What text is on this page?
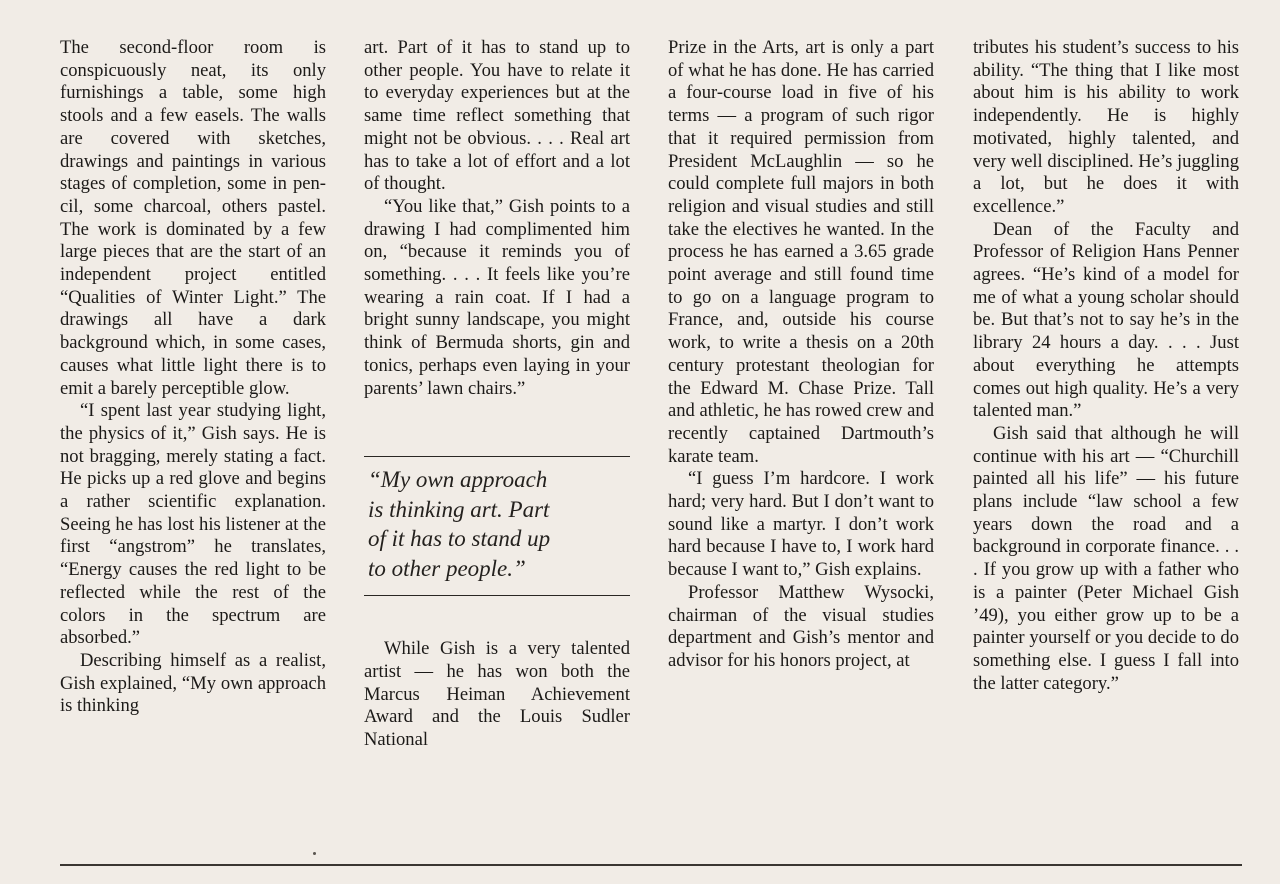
The second-floor room is conspicuously neat, its only furnishings a table, some high stools and a few easels. The walls are covered with sketches, drawings and paintings in various stages of completion, some in pencil, some charcoal, others pastel. The work is dominated by a few large pieces that are the start of an independent project entitled “Qualities of Winter Light.” The drawings all have a dark background which, in some cases, causes what little light there is to emit a barely perceptible glow.

“I spent last year studying light, the physics of it,” Gish says. He is not bragging, merely stating a fact. He picks up a red glove and begins a rather scientific explanation. Seeing he has lost his listener at the first “angstrom” he translates, “Energy causes the red light to be reflected while the rest of the colors in the spectrum are absorbed.”

Describing himself as a realist, Gish explained, “My own approach is thinking

art. Part of it has to stand up to other people. You have to relate it to everyday experiences but at the same time reflect something that might not be obvious. . . . Real art has to take a lot of effort and a lot of thought.

“You like that,” Gish points to a drawing I had complimented him on, “because it reminds you of something. . . . It feels like you’re wearing a rain coat. If I had a bright sunny landscape, you might think of Bermuda shorts, gin and tonics, perhaps even laying in your parents’ lawn chairs.”

“My own approach
is thinking art. Part
of it has to stand up
to other people.”

While Gish is a very talented artist — he has won both the Marcus Heiman Achievement Award and the Louis Sudler National

Prize in the Arts, art is only a part of what he has done. He has carried a four-course load in five of his terms — a program of such rigor that it required permission from President McLaughlin — so he could complete full majors in both religion and visual studies and still take the electives he wanted. In the process he has earned a 3.65 grade point average and still found time to go on a language program to France, and, outside his course work, to write a thesis on a 20th century protestant theologian for the Edward M. Chase Prize. Tall and athletic, he has rowed crew and recently captained Dartmouth’s karate team.

“I guess I’m hardcore. I work hard; very hard. But I don’t want to sound like a martyr. I don’t work hard because I have to, I work hard because I want to,” Gish explains.

Professor Matthew Wysocki, chairman of the visual studies department and Gish’s mentor and advisor for his honors project, at

tributes his student’s success to his ability. “The thing that I like most about him is his ability to work independently. He is highly motivated, highly talented, and very well disciplined. He’s juggling a lot, but he does it with excellence.”

Dean of the Faculty and Professor of Religion Hans Penner agrees. “He’s kind of a model for me of what a young scholar should be. But that’s not to say he’s in the library 24 hours a day. . . . Just about everything he attempts comes out high quality. He’s a very talented man.”

Gish said that although he will continue with his art — “Churchill painted all his life” — his future plans include “law school a few years down the road and a background in corporate finance. . . . If you grow up with a father who is a painter (Peter Michael Gish ’49), you either grow up to be a painter yourself or you decide to do something else. I guess I fall into the latter category.”
